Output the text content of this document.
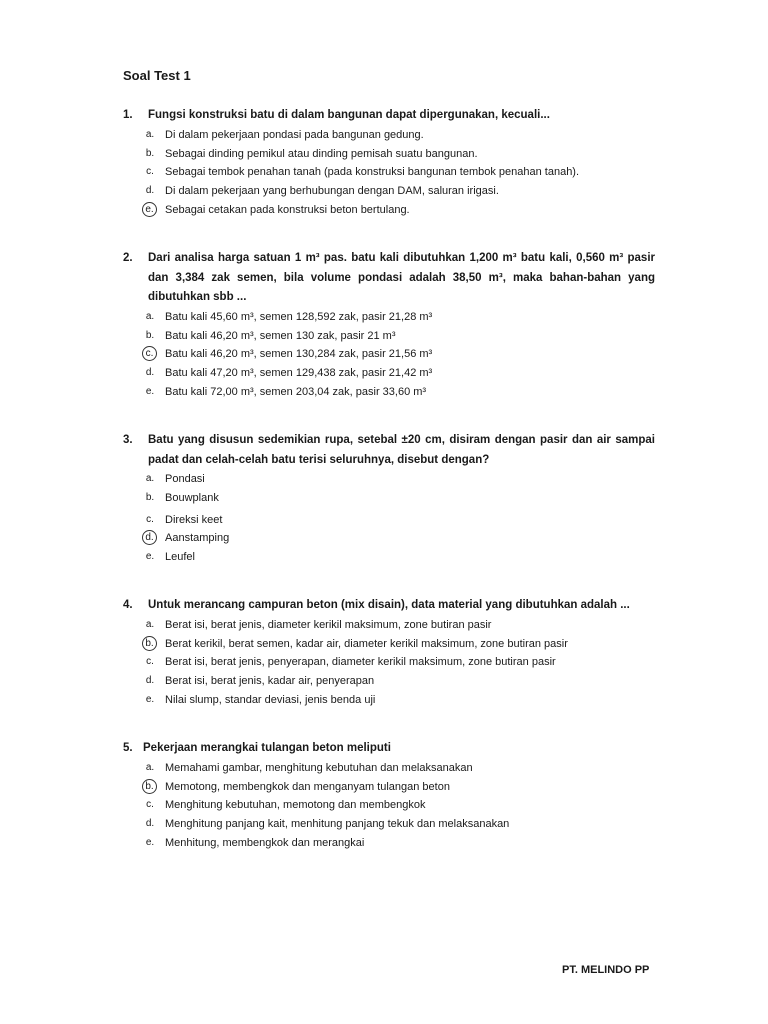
Soal Test 1
1.	Fungsi konstruksi batu di dalam bangunan dapat dipergunakan, kecuali...
a. Di dalam pekerjaan pondasi pada bangunan gedung.
b. Sebagai dinding pemikul atau dinding pemisah suatu bangunan.
c.	Sebagai tembok penahan tanah (pada konstruksi bangunan tembok penahan tanah).
d. Di dalam pekerjaan yang berhubungan dengan DAM, saluran irigasi.
e.	Sebagai cetakan pada konstruksi beton bertulang.
2.	Dari analisa harga satuan 1 m³ pas. batu kali dibutuhkan 1,200 m³ batu kali, 0,560 m³ pasir dan 3,384 zak semen, bila volume pondasi adalah 38,50 m³, maka bahan-bahan yang dibutuhkan sbb ...
a. Batu kali 45,60 m³, semen 128,592 zak, pasir 21,28 m³
b. Batu kali 46,20 m³, semen 130 zak, pasir 21 m³
c.	Batu kali 46,20 m³, semen 130,284 zak, pasir 21,56 m³
d. Batu kali 47,20 m³, semen 129,438 zak, pasir 21,42 m³
e. Batu kali 72,00 m³, semen 203,04 zak, pasir 33,60 m³
3.	Batu yang disusun sedemikian rupa, setebal ±20 cm, disiram dengan pasir dan air sampai padat dan celah-celah batu terisi seluruhnya, disebut dengan?
a. Pondasi
b. Bouwplank
c.	Direksi keet
d.	Aanstamping
e. Leufel
4.	Untuk merancang campuran beton (mix disain), data material yang dibutuhkan adalah ...
a. Berat isi, berat jenis, diameter kerikil maksimum, zone butiran pasir
b.	Berat kerikil, berat semen, kadar air, diameter kerikil maksimum, zone butiran pasir
c.	Berat isi, berat jenis, penyerapan, diameter kerikil maksimum, zone butiran pasir
d. Berat isi, berat jenis, kadar air, penyerapan
e. Nilai slump, standar deviasi, jenis benda uji
5. Pekerjaan merangkai tulangan beton meliputi
a. Memahami gambar, menghitung kebutuhan dan melaksanakan
b.	Memotong, membengkok dan menganyam tulangan beton
c.	Menghitung kebutuhan, memotong dan membengkok
d. Menghitung panjang kait, menhitung panjang tekuk dan melaksanakan
e. Menhitung, membengkok dan merangkai
PT. MELINDO PP
